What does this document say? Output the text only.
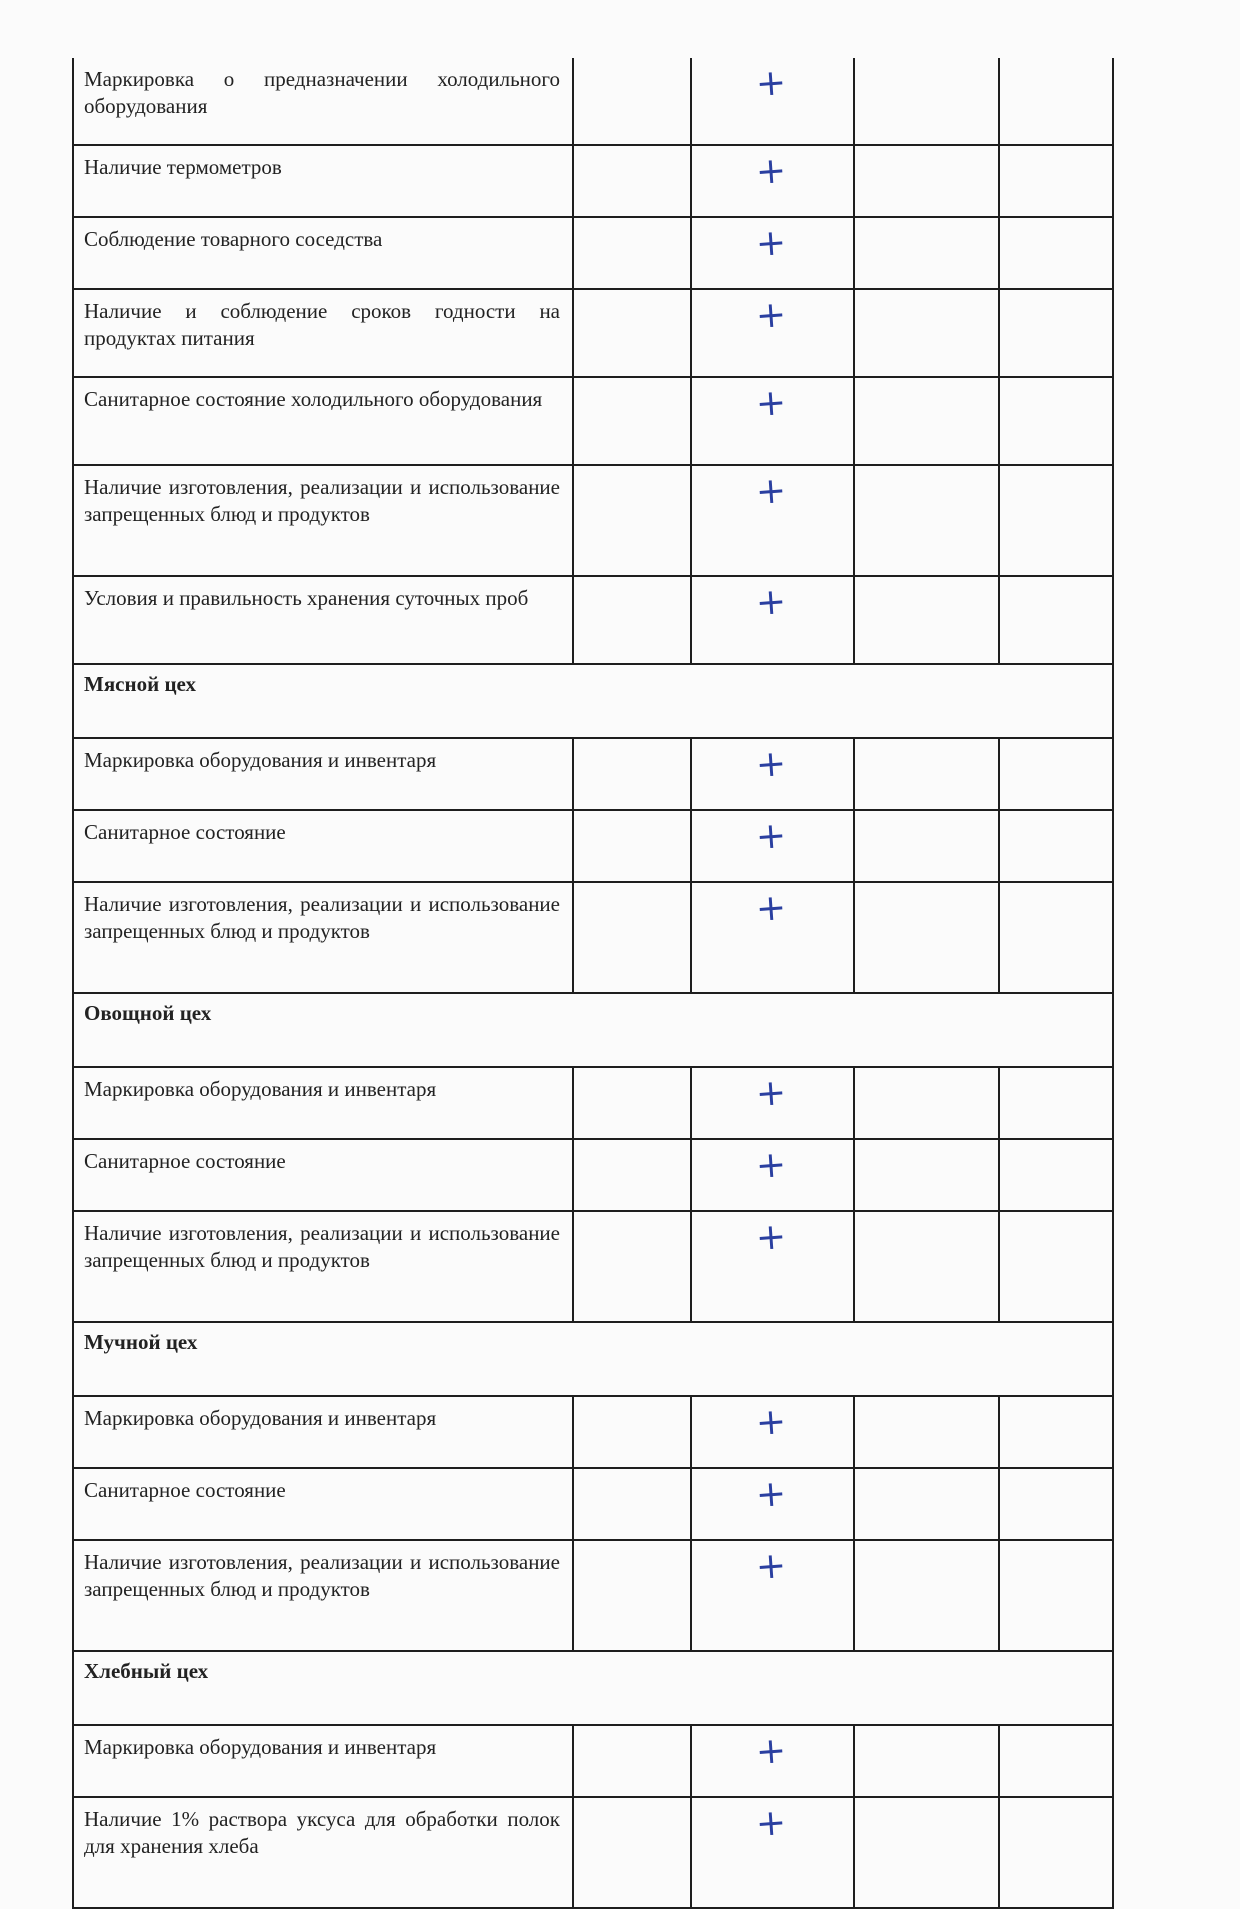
Маркировка о предназначении холодильного оборудования		+		

Наличие термометров		+		

Соблюдение товарного соседства		+		

Наличие и соблюдение сроков годности на продуктах питания		+		

Санитарное состояние холодильного оборудования		+		

Наличие изготовления, реализации и использование запрещенных блюд и продуктов		+		

Условия и правильность хранения суточных проб		+		
Мясной цех				

Маркировка оборудования и инвентаря		+		

Санитарное состояние		+		

Наличие изготовления, реализации и использование запрещенных блюд и продуктов		+		
Овощной цех				

Маркировка оборудования и инвентаря		+		

Санитарное состояние		+		

Наличие изготовления, реализации и использование запрещенных блюд и продуктов		+		
Мучной цех				

Маркировка оборудования и инвентаря		+		

Санитарное состояние		+		

Наличие изготовления, реализации и использование запрещенных блюд и продуктов		+		
Хлебный цех				

Маркировка оборудования и инвентаря		+		

Наличие 1% раствора уксуса для обработки полок для хранения хлеба		+		
